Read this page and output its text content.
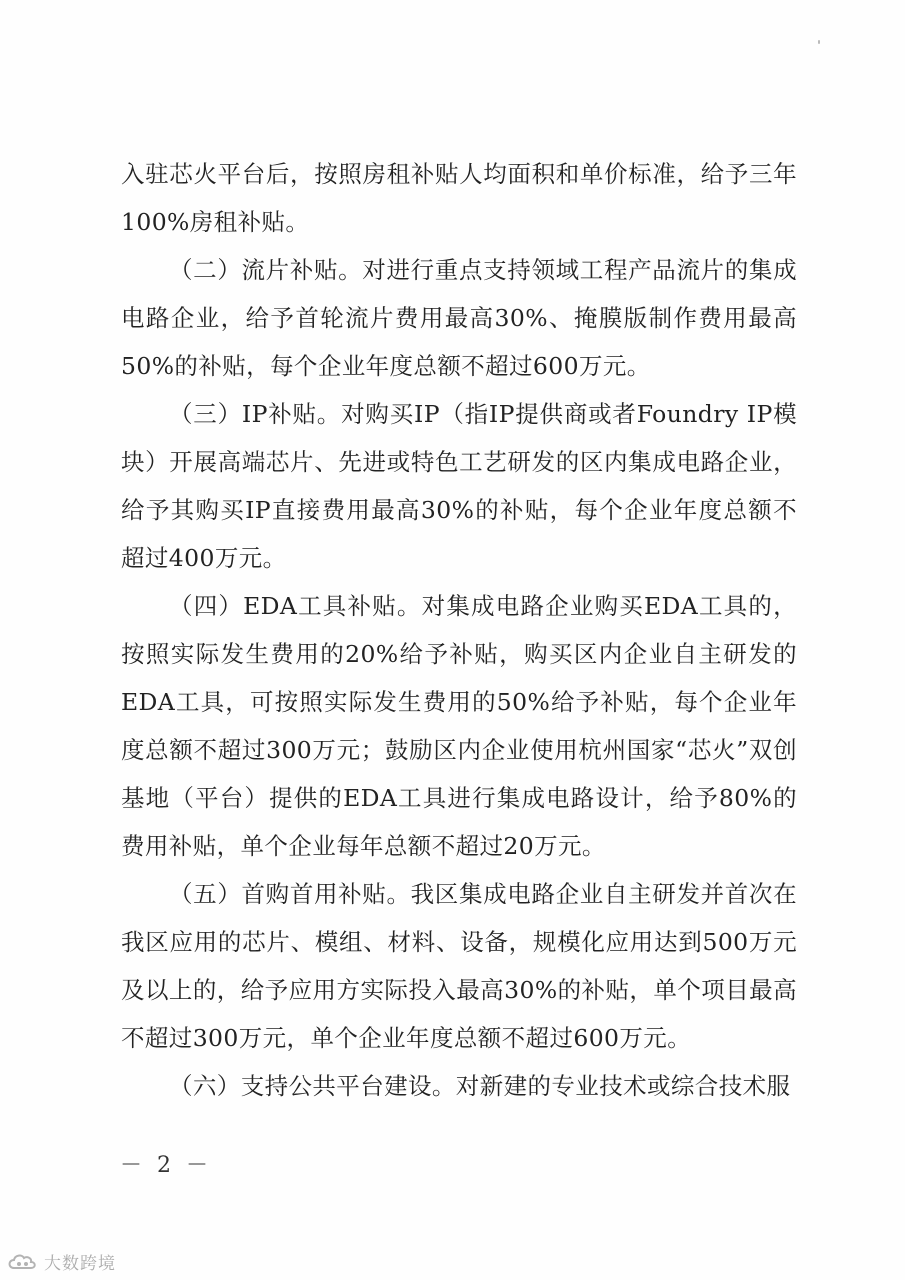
入驻芯火平台后，按照房租补贴人均面积和单价标准，给予三年100%房租补贴。

（二）流片补贴。对进行重点支持领域工程产品流片的集成电路企业，给予首轮流片费用最高30%、掩膜版制作费用最高50%的补贴，每个企业年度总额不超过600万元。

（三）IP补贴。对购买IP（指IP提供商或者Foundry IP模块）开展高端芯片、先进或特色工艺研发的区内集成电路企业，给予其购买IP直接费用最高30%的补贴，每个企业年度总额不超过400万元。

（四）EDA工具补贴。对集成电路企业购买EDA工具的，按照实际发生费用的20%给予补贴，购买区内企业自主研发的EDA工具，可按照实际发生费用的50%给予补贴，每个企业年度总额不超过300万元；鼓励区内企业使用杭州国家“芯火”双创基地（平台）提供的EDA工具进行集成电路设计，给予80%的费用补贴，单个企业每年总额不超过20万元。

（五）首购首用补贴。我区集成电路企业自主研发并首次在我区应用的芯片、模组、材料、设备，规模化应用达到500万元及以上的，给予应用方实际投入最高30%的补贴，单个项目最高不超过300万元，单个企业年度总额不超过600万元。

（六）支持公共平台建设。对新建的专业技术或综合技术服

－ 2 －
大数跨境
